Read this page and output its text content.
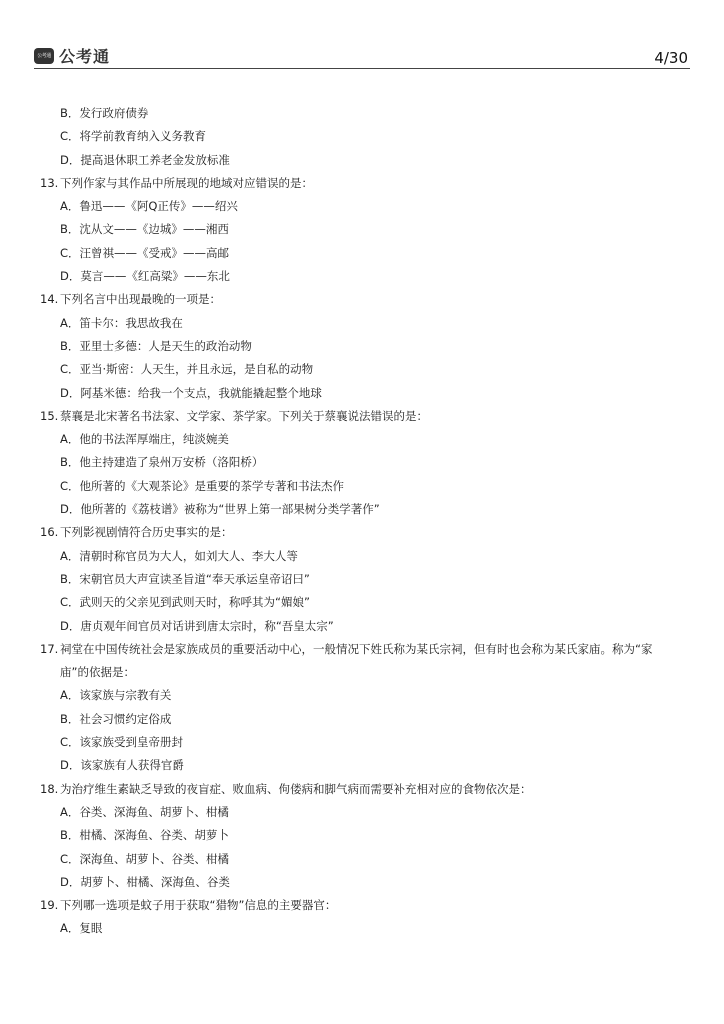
公考通 公考通	4/30
B．发行政府债券
C．将学前教育纳入义务教育
D．提高退休职工养老金发放标准
13. 下列作家与其作品中所展现的地域对应错误的是：
A．鲁迅——《阿Q正传》——绍兴
B．沈从文——《边城》——湘西
C．汪曾祺——《受戒》——高邮
D．莫言——《红高粱》——东北
14. 下列名言中出现最晚的一项是：
A．笛卡尔：我思故我在
B．亚里士多德：人是天生的政治动物
C．亚当·斯密：人天生，并且永远，是自私的动物
D．阿基米德：给我一个支点，我就能撬起整个地球
15. 蔡襄是北宋著名书法家、文学家、茶学家。下列关于蔡襄说法错误的是：
A．他的书法浑厚端庄，纯淡婉美
B．他主持建造了泉州万安桥（洛阳桥）
C．他所著的《大观茶论》是重要的茶学专著和书法杰作
D．他所著的《荔枝谱》被称为“世界上第一部果树分类学著作”
16. 下列影视剧情符合历史事实的是：
A．清朝时称官员为大人，如刘大人、李大人等
B．宋朝官员大声宣读圣旨道“奉天承运皇帝诏曰”
C．武则天的父亲见到武则天时，称呼其为“媚娘”
D．唐贞观年间官员对话讲到唐太宗时，称“吾皇太宗”
17. 祠堂在中国传统社会是家族成员的重要活动中心，一般情况下姓氏称为某氏宗祠，但有时也会称为某氏家庙。称为“家
庙”的依据是：
A．该家族与宗教有关
B．社会习惯约定俗成
C．该家族受到皇帝册封
D．该家族有人获得官爵
18. 为治疗维生素缺乏导致的夜盲症、败血病、佝偻病和脚气病而需要补充相对应的食物依次是：
A．谷类、深海鱼、胡萝卜、柑橘
B．柑橘、深海鱼、谷类、胡萝卜
C．深海鱼、胡萝卜、谷类、柑橘
D．胡萝卜、柑橘、深海鱼、谷类
19. 下列哪一选项是蚊子用于获取“猎物”信息的主要器官：
A．复眼
